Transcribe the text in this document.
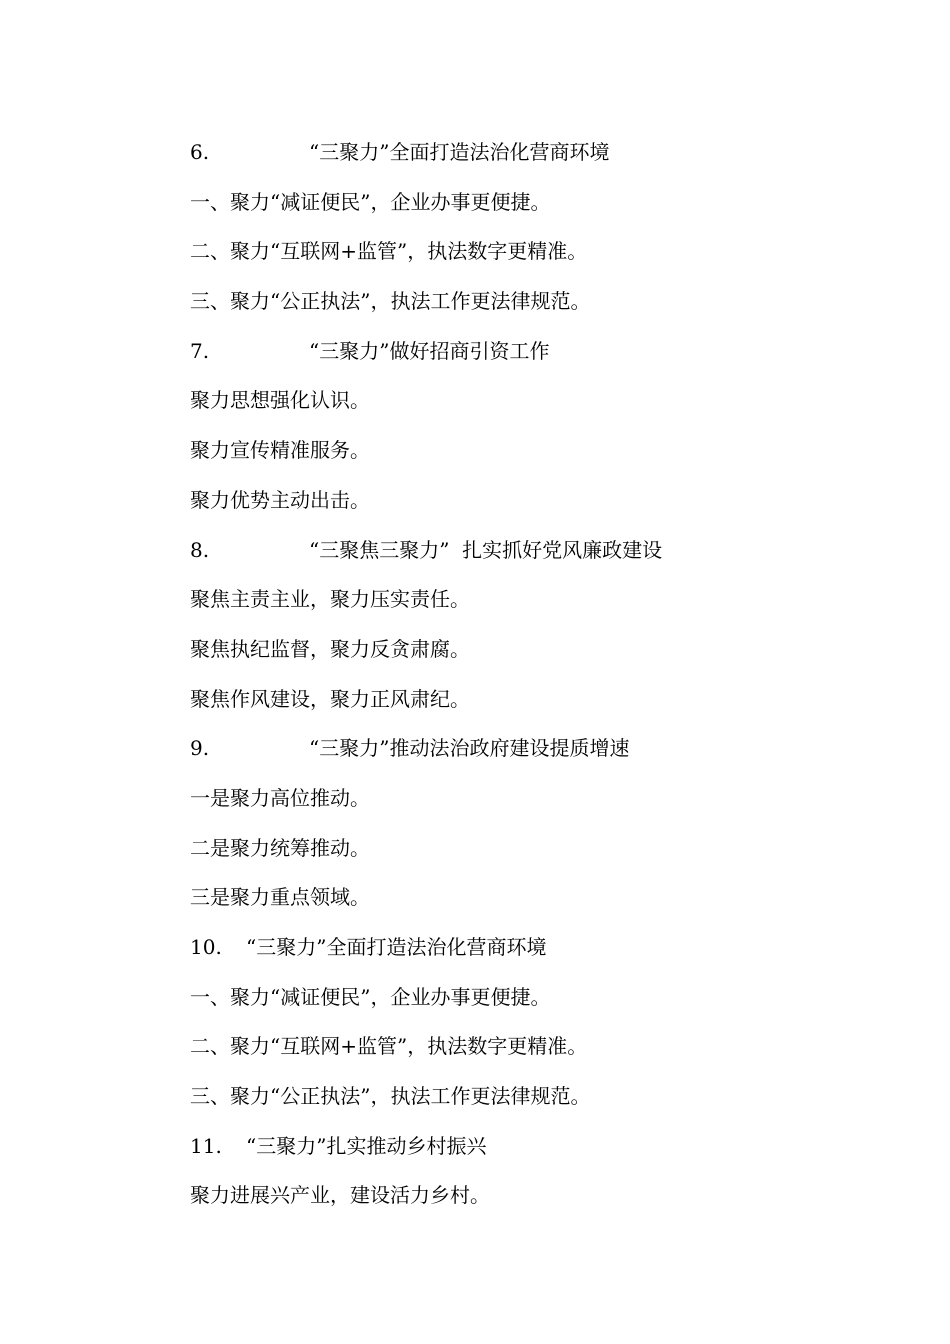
6.	“三聚力”全面打造法治化营商环境
一、聚力“减证便民”，企业办事更便捷。
二、聚力“互联网+监管”，执法数字更精准。
三、聚力“公正执法”，执法工作更法律规范。
7.	“三聚力”做好招商引资工作
聚力思想强化认识。
聚力宣传精准服务。
聚力优势主动出击。
8.	“三聚焦三聚力”  扎实抓好党风廉政建设
聚焦主责主业，聚力压实责任。
聚焦执纪监督，聚力反贪肃腐。
聚焦作风建设，聚力正风肃纪。
9.	“三聚力”推动法治政府建设提质增速
一是聚力高位推动。
二是聚力统筹推动。
三是聚力重点领域。
10. “三聚力”全面打造法治化营商环境
一、聚力“减证便民”，企业办事更便捷。
二、聚力“互联网+监管”，执法数字更精准。
三、聚力“公正执法”，执法工作更法律规范。
11. “三聚力”扎实推动乡村振兴
聚力进展兴产业，建设活力乡村。
